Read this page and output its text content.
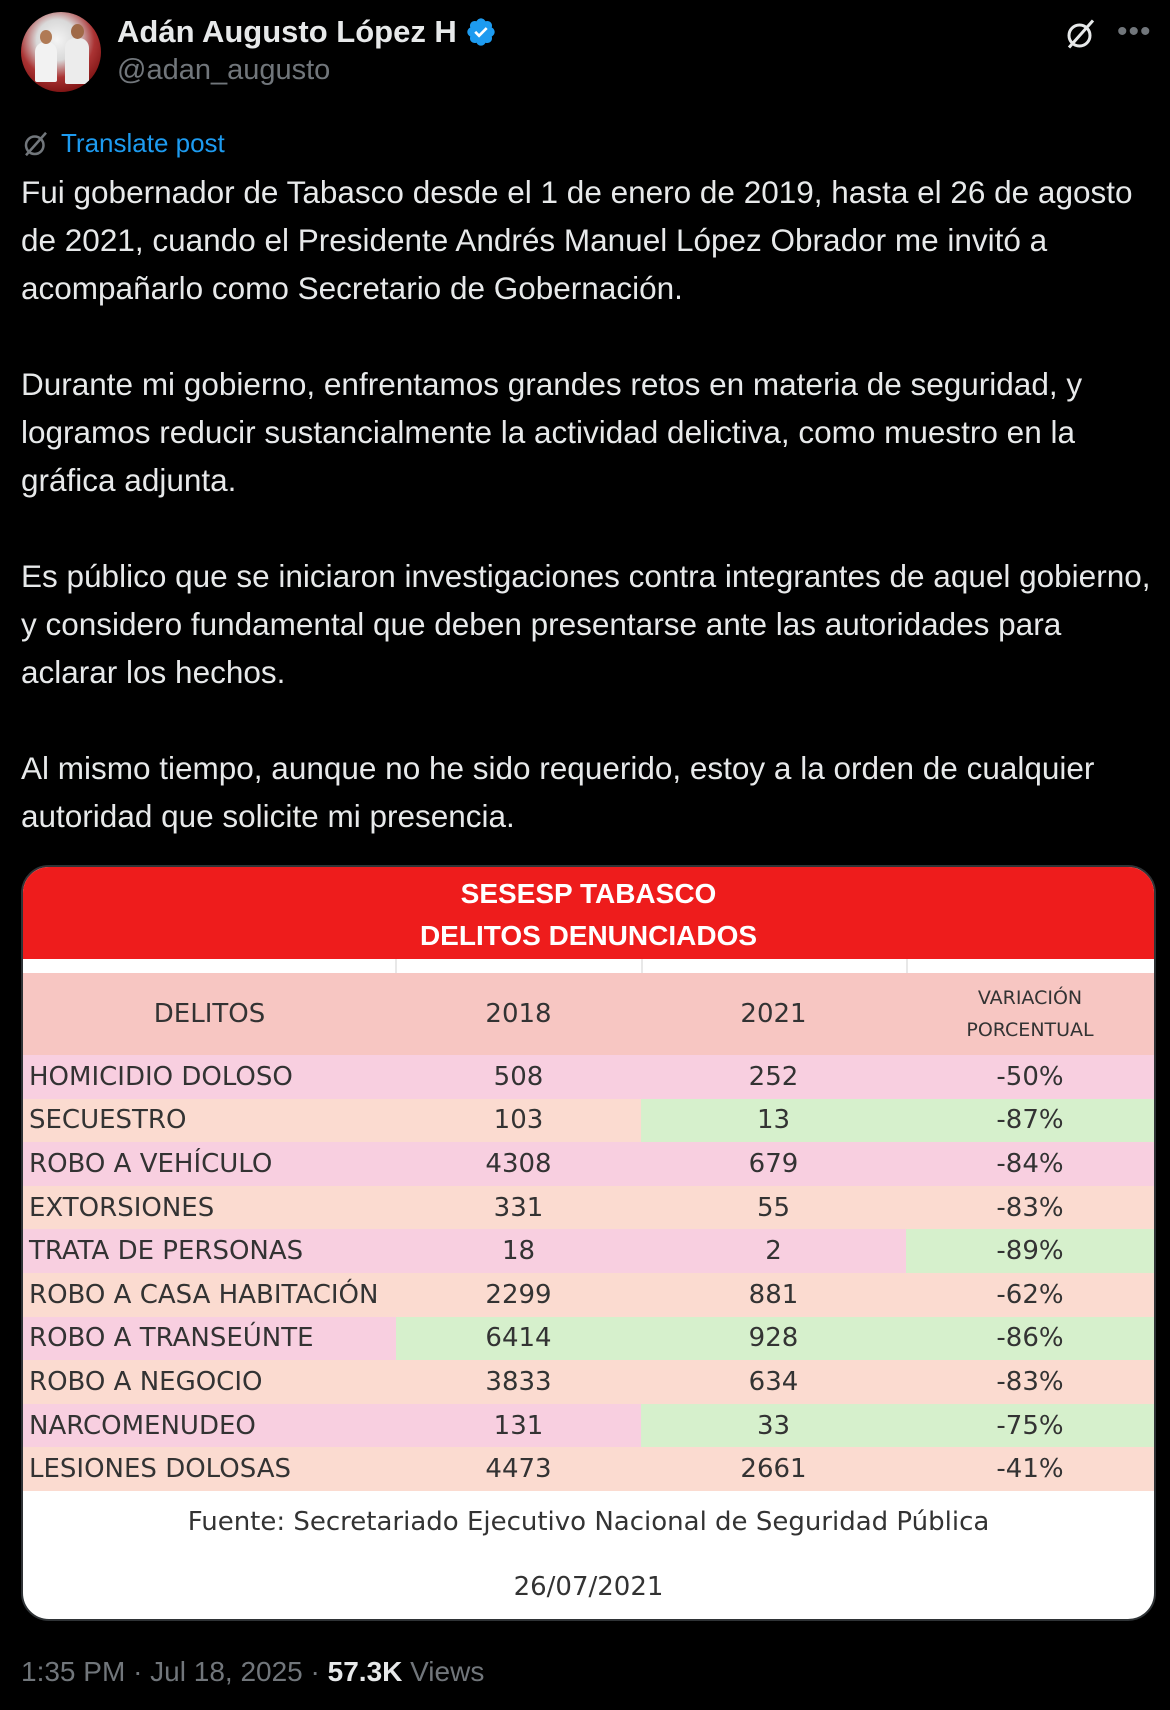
Adán Augusto López H
@adan_augusto
•••
Translate post

Fui gobernador de Tabasco desde el 1 de enero de 2019, hasta el 26 de agosto de 2021, cuando el Presidente Andrés Manuel López Obrador me invitó a acompañarlo como Secretario de Gobernación.

Durante mi gobierno, enfrentamos grandes retos en materia de seguridad, y logramos reducir sustancialmente la actividad delictiva, como muestro en la gráfica adjunta.

Es público que se iniciaron investigaciones contra integrantes de aquel gobierno, y considero fundamental que deben presentarse ante las autoridades para aclarar los hechos.

Al mismo tiempo, aunque no he sido requerido, estoy a la orden de cualquier autoridad que solicite mi presencia.

SESESP TABASCO
DELITOS DENUNCIADOS
DELITOS	2018	2021	VARIACIÓN
PORCENTUAL

HOMICIDIO DOLOSO	508	252	-50%
SECUESTRO	103	13	-87%
ROBO A VEHÍCULO	4308	679	-84%
EXTORSIONES	331	55	-83%
TRATA DE PERSONAS	18	2	-89%
ROBO A CASA HABITACIÓN	2299	881	-62%
ROBO A TRANSEÚNTE	6414	928	-86%
ROBO A NEGOCIO	3833	634	-83%
NARCOMENUDEO	131	33	-75%
LESIONES DOLOSAS	4473	2661	-41%
Fuente: Secretariado Ejecutivo Nacional de Seguridad Pública
26/07/2021
1:35 PM · Jul 18, 2025 · 57.3K Views
